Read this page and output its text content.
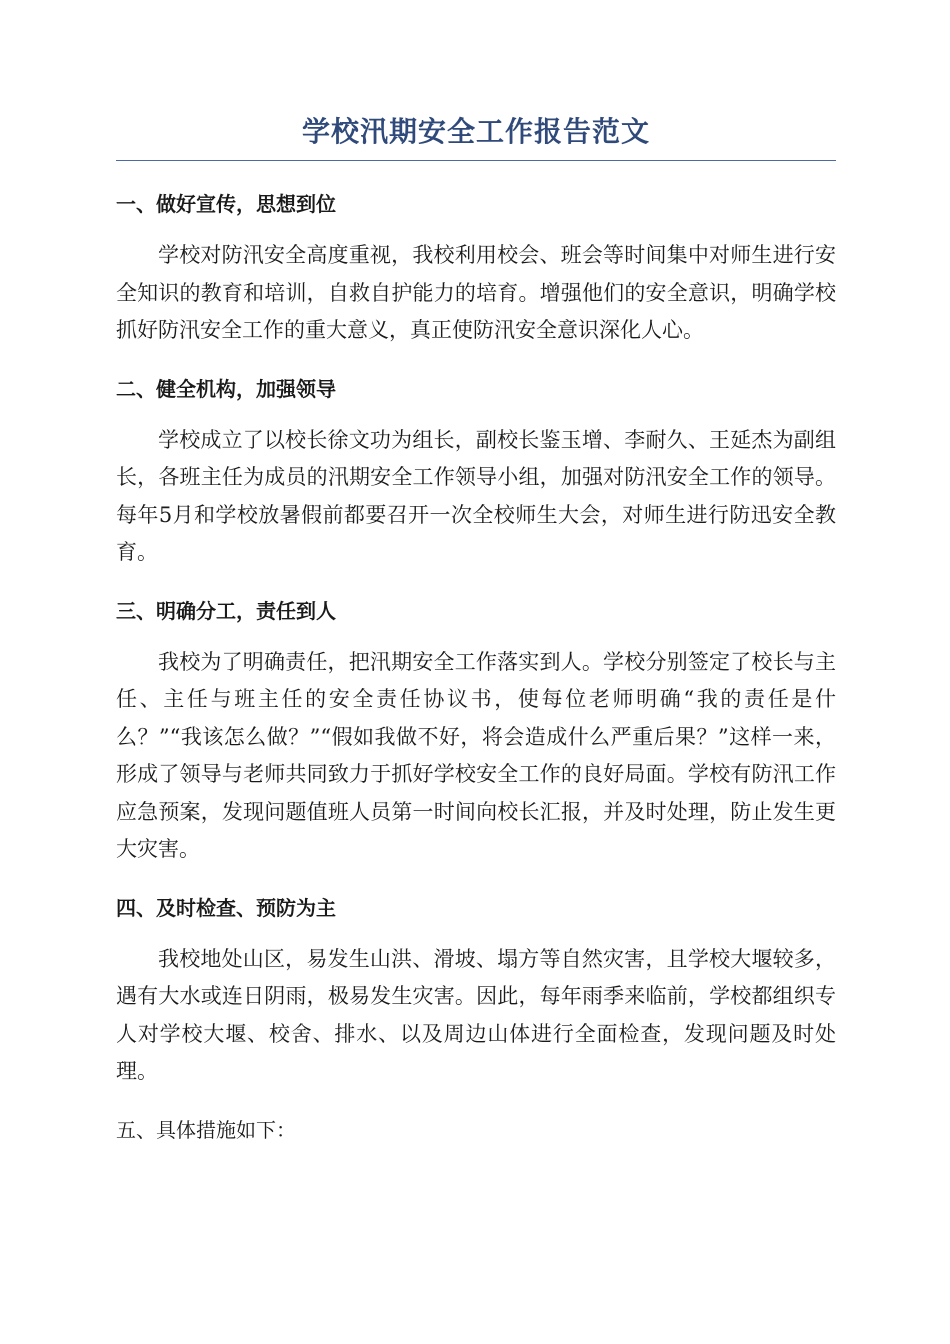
学校汛期安全工作报告范文

一、做好宣传，思想到位

学校对防汛安全高度重视，我校利用校会、班会等时间集中对师生进行安全知识的教育和培训，自救自护能力的培育。增强他们的安全意识，明确学校抓好防汛安全工作的重大意义，真正使防汛安全意识深化人心。

二、健全机构，加强领导

学校成立了以校长徐文功为组长，副校长鉴玉增、李耐久、王延杰为副组长，各班主任为成员的汛期安全工作领导小组，加强对防汛安全工作的领导。每年5月和学校放暑假前都要召开一次全校师生大会，对师生进行防迅安全教育。

三、明确分工，责任到人

我校为了明确责任，把汛期安全工作落实到人。学校分别签定了校长与主任、主任与班主任的安全责任协议书，使每位老师明确“我的责任是什么？”“我该怎么做？”“假如我做不好，将会造成什么严重后果？”这样一来，形成了领导与老师共同致力于抓好学校安全工作的良好局面。学校有防汛工作应急预案，发现问题值班人员第一时间向校长汇报，并及时处理，防止发生更大灾害。

四、及时检查、预防为主

我校地处山区，易发生山洪、滑坡、塌方等自然灾害，且学校大堰较多，遇有大水或连日阴雨，极易发生灾害。因此，每年雨季来临前，学校都组织专人对学校大堰、校舍、排水、以及周边山体进行全面检查，发现问题及时处理。

五、具体措施如下：
